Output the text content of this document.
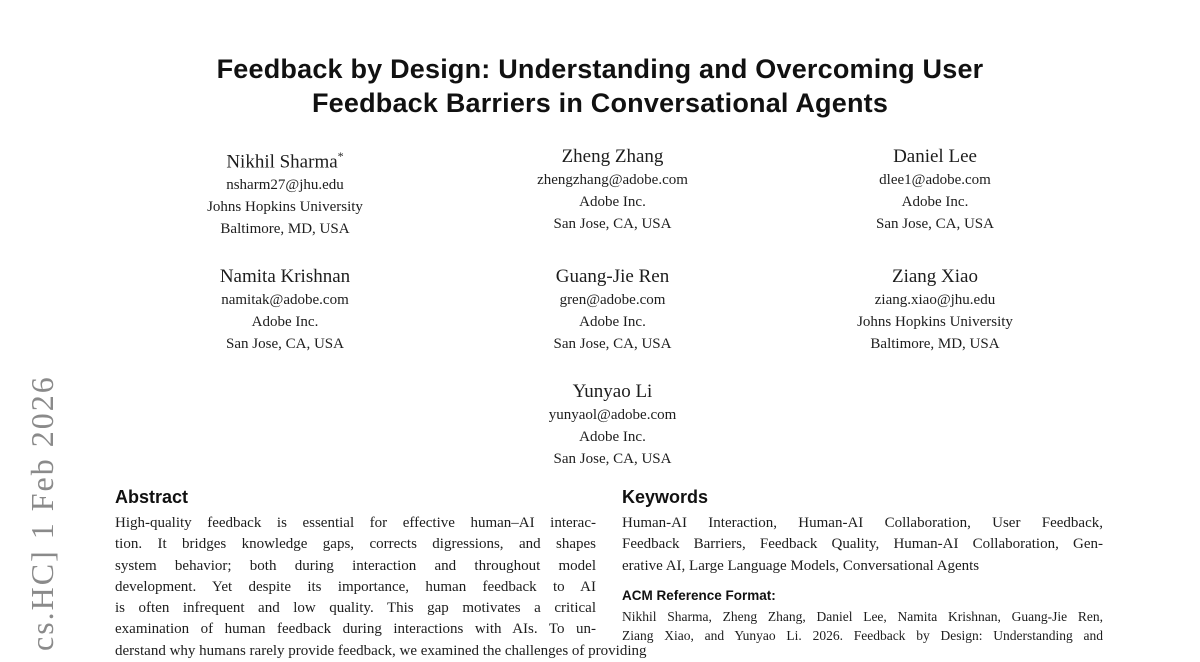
cs.HC] 1 Feb 2026
Feedback by Design: Understanding and Overcoming User
Feedback Barriers in Conversational Agents
Nikhil Sharma*
nsharm27@jhu.edu
Johns Hopkins University
Baltimore, MD, USA
Zheng Zhang
zhengzhang@adobe.com
Adobe Inc.
San Jose, CA, USA
Daniel Lee
dlee1@adobe.com
Adobe Inc.
San Jose, CA, USA
Namita Krishnan
namitak@adobe.com
Adobe Inc.
San Jose, CA, USA
Guang-Jie Ren
gren@adobe.com
Adobe Inc.
San Jose, CA, USA
Ziang Xiao
ziang.xiao@jhu.edu
Johns Hopkins University
Baltimore, MD, USA
Yunyao Li
yunyaol@adobe.com
Adobe Inc.
San Jose, CA, USA
Abstract
High-quality feedback is essential for effective human–AI interac-
tion. It bridges knowledge gaps, corrects digressions, and shapes
system behavior; both during interaction and throughout model
development. Yet despite its importance, human feedback to AI
is often infrequent and low quality. This gap motivates a critical
examination of human feedback during interactions with AIs. To un-
derstand why humans rarely provide feedback, we examined the challenges of providing
Keywords
Human-AI Interaction, Human-AI Collaboration, User Feedback,
Feedback Barriers, Feedback Quality, Human-AI Collaboration, Gen-
erative AI, Large Language Models, Conversational Agents
ACM Reference Format:
Nikhil Sharma, Zheng Zhang, Daniel Lee, Namita Krishnan, Guang-Jie Ren,
Ziang Xiao, and Yunyao Li. 2026. Feedback by Design: Understanding and
